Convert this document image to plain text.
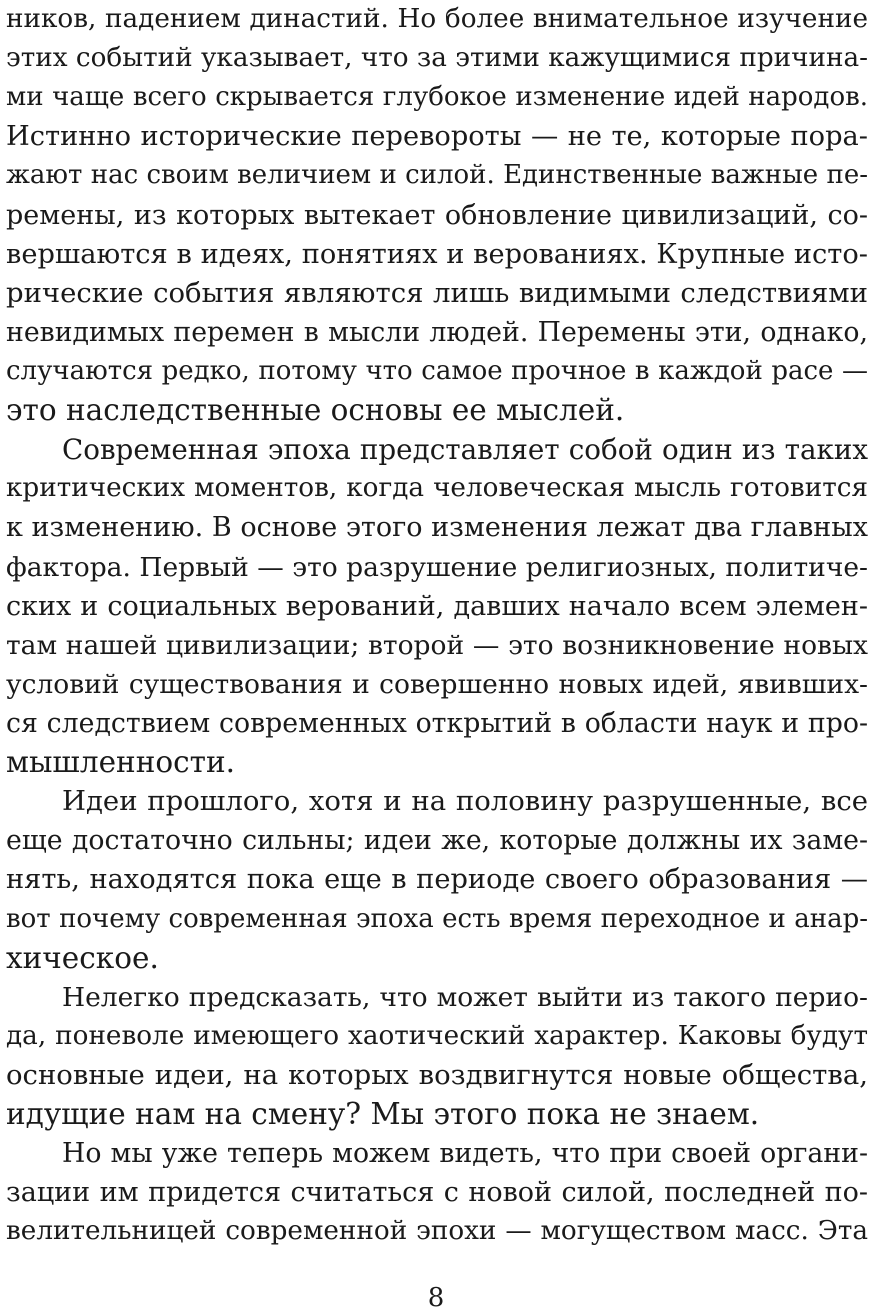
ников, падением династий. Но более внимательное изучение
этих событий указывает, что за этими кажущимися причина-
ми чаще всего скрывается глубокое изменение идей народов.
Истинно исторические перевороты — не те, которые пора-
жают нас своим величием и силой. Единственные важные пе-
ремены, из которых вытекает обновление цивилизаций, со-
вершаются в идеях, понятиях и верованиях. Крупные исто-
рические события являются лишь видимыми следствиями
невидимых перемен в мысли людей. Перемены эти, однако,
случаются редко, потому что самое прочное в каждой расе —
это наследственные основы ее мыслей.
Современная эпоха представляет собой один из таких
критических моментов, когда человеческая мысль готовится
к изменению. В основе этого изменения лежат два главных
фактора. Первый — это разрушение религиозных, политиче-
ских и социальных верований, давших начало всем элемен-
там нашей цивилизации; второй — это возникновение новых
условий существования и совершенно новых идей, явивших-
ся следствием современных открытий в области наук и про-
мышленности.
Идеи прошлого, хотя и на половину разрушенные, все
еще достаточно сильны; идеи же, которые должны их заме-
нять, находятся пока еще в периоде своего образования —
вот почему современная эпоха есть время переходное и анар-
хическое.
Нелегко предсказать, что может выйти из такого перио-
да, поневоле имеющего хаотический характер. Каковы будут
основные идеи, на которых воздвигнутся новые общества,
идущие нам на смену? Мы этого пока не знаем.
Но мы уже теперь можем видеть, что при своей органи-
зации им придется считаться с новой силой, последней по-
велительницей современной эпохи — могуществом масс. Эта
8
